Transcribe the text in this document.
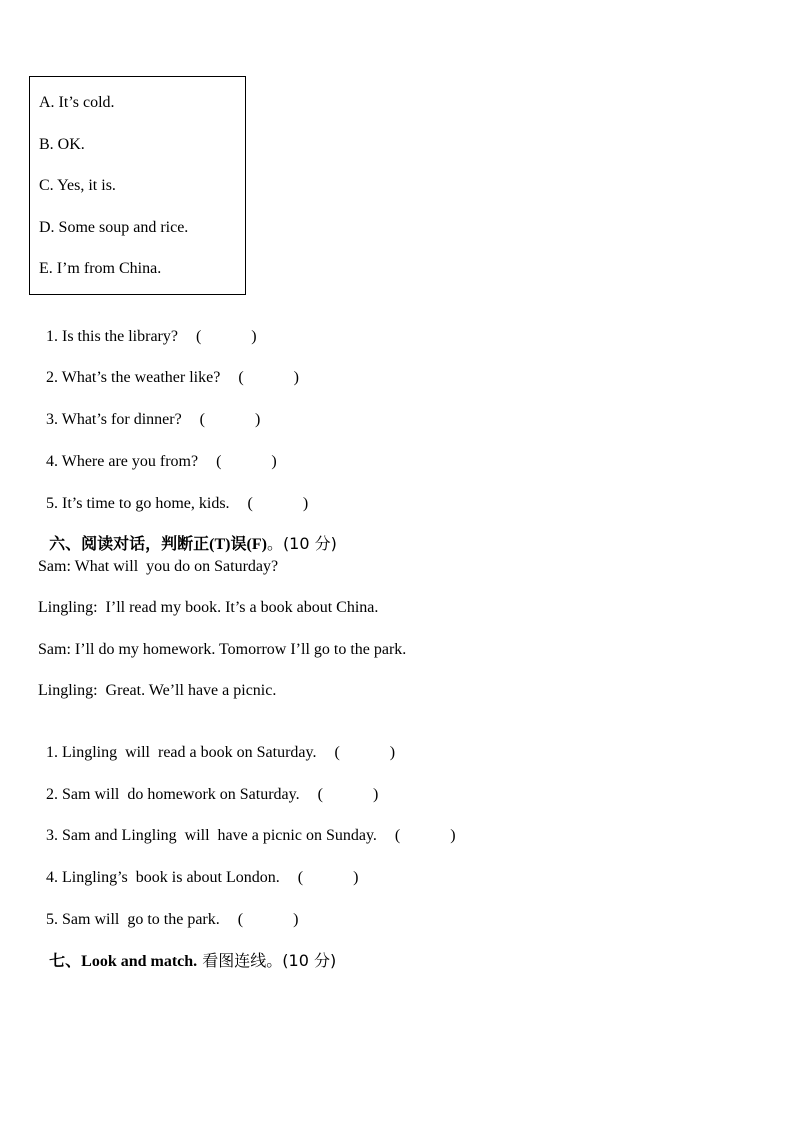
A. It’s cold.
B. OK.
C. Yes, it is.
D. Some soup and rice.
E. I’m from China.

1. Is this the library? (	)

2. What’s the weather like? (	)

3. What’s for dinner? (	)

4. Where are you from? (	)

5. It’s time to go home, kids. (	)

六、阅读对话，判断正(T)误(F)。(10 分)

Sam: What will  you do on Saturday?
Lingling:  I’ll read my book. It’s a book about China.
Sam: I’ll do my homework. Tomorrow I’ll go to the park.
Lingling:  Great. We’ll have a picnic.

1. Lingling  will  read a book on Saturday. (	)

2. Sam will  do homework on Saturday. (	)

3. Sam and Lingling  will  have a picnic on Sunday. (	)

4. Lingling’s  book is about London. (	)

5. Sam will  go to the park. (	)

七、Look and match. 看图连线。(10 分)
